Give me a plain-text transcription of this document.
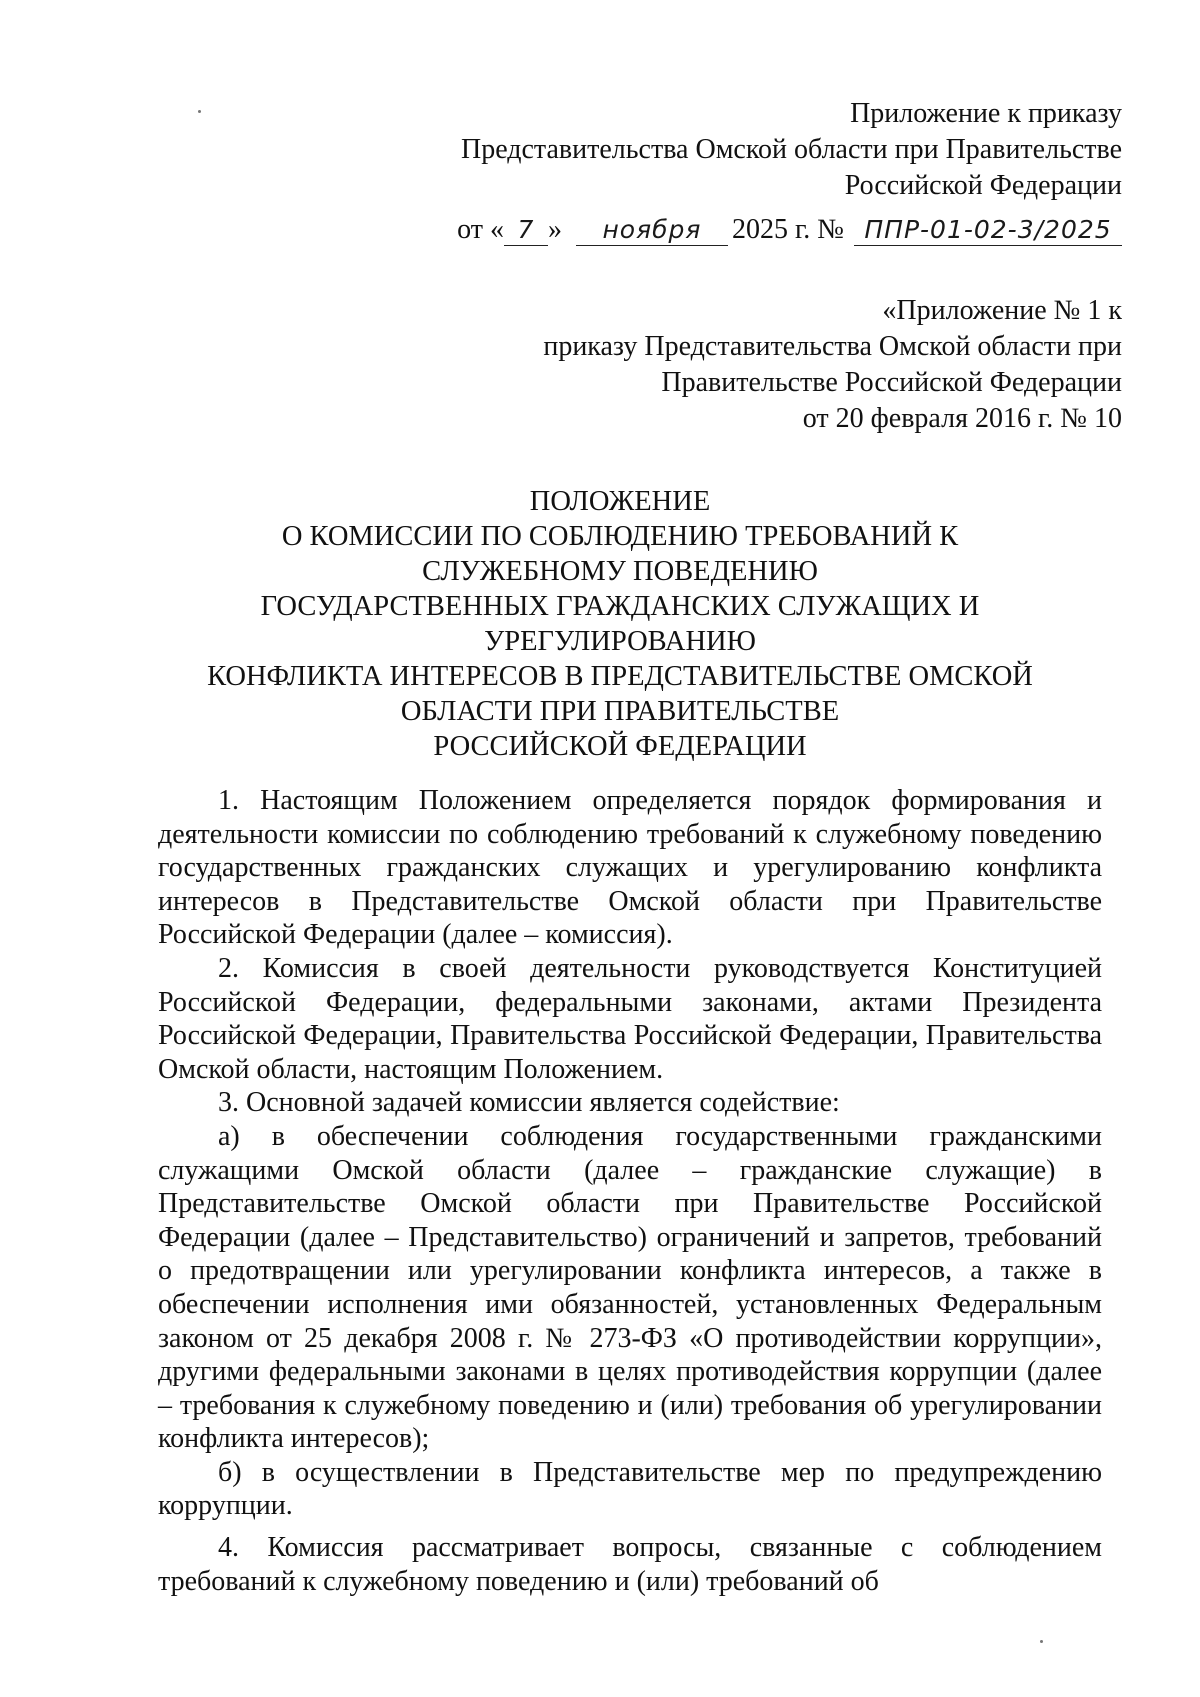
Приложение к приказу
Представительства Омской области при Правительстве
Российской Федерации
от « 7 »	ноября	2025 г. № ППР-01-02-3/2025
«Приложение № 1 к
приказу Представительства Омской области при
Правительстве Российской Федерации
от 20 февраля 2016 г. № 10
ПОЛОЖЕНИЕ
О КОМИССИИ ПО СОБЛЮДЕНИЮ ТРЕБОВАНИЙ К
СЛУЖЕБНОМУ ПОВЕДЕНИЮ
ГОСУДАРСТВЕННЫХ ГРАЖДАНСКИХ СЛУЖАЩИХ И
УРЕГУЛИРОВАНИЮ
КОНФЛИКТА ИНТЕРЕСОВ В ПРЕДСТАВИТЕЛЬСТВЕ ОМСКОЙ
ОБЛАСТИ ПРИ ПРАВИТЕЛЬСТВЕ
РОССИЙСКОЙ ФЕДЕРАЦИИ

1. Настоящим Положением определяется порядок формирования и деятельности комиссии по соблюдению требований к служебному поведению государственных гражданских служащих и урегулированию конфликта интересов в Представительстве Омской области при Правительстве Российской Федерации (далее – комиссия).

2. Комиссия в своей деятельности руководствуется Конституцией Российской Федерации, федеральными законами, актами Президента Российской Федерации, Правительства Российской Федерации, Правительства Омской области, настоящим Положением.

3. Основной задачей комиссии является содействие:

а) в обеспечении соблюдения государственными гражданскими служащими Омской области (далее – гражданские служащие) в Представительстве Омской области при Правительстве Российской Федерации (далее – Представительство) ограничений и запретов, требований о предотвращении или урегулировании конфликта интересов, а также в обеспечении исполнения ими обязанностей, установленных Федеральным законом от 25 декабря 2008 г. № 273-ФЗ «О противодействии коррупции», другими федеральными законами в целях противодействия коррупции (далее – требования к служебному поведению и (или) требования об урегулировании конфликта интересов);

б) в осуществлении в Представительстве мер по предупреждению коррупции.

4. Комиссия рассматривает вопросы, связанные с соблюдением требований к служебному поведению и (или) требований об
